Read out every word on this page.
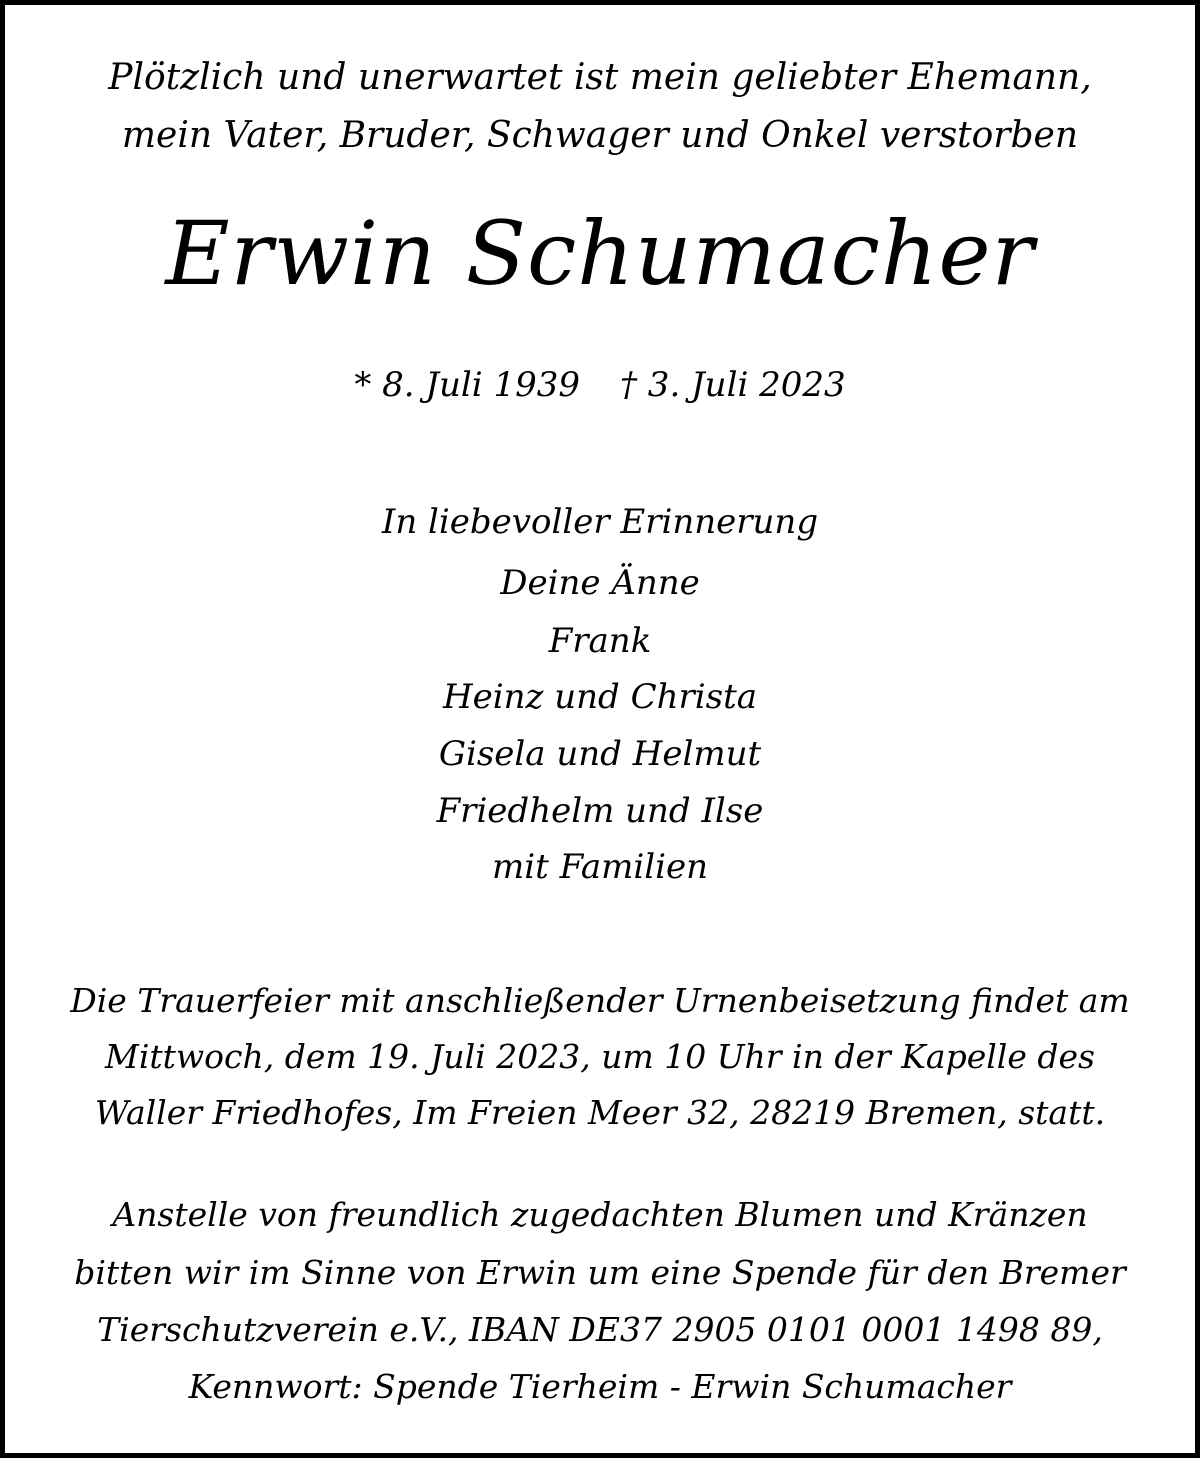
Plötzlich und unerwartet ist mein geliebter Ehemann,
mein Vater, Bruder, Schwager und Onkel verstorben
Erwin Schumacher
* 8. Juli 1939 † 3. Juli 2023
In liebevoller Erinnerung
Deine Änne
Frank
Heinz und Christa
Gisela und Helmut
Friedhelm und Ilse
mit Familien
Die Trauerfeier mit anschließender Urnenbeisetzung findet am
Mittwoch, dem 19. Juli 2023, um 10 Uhr in der Kapelle des
Waller Friedhofes, Im Freien Meer 32, 28219 Bremen, statt.
Anstelle von freundlich zugedachten Blumen und Kränzen
bitten wir im Sinne von Erwin um eine Spende für den Bremer
Tierschutzverein e.V., IBAN DE37 2905 0101 0001 1498 89,
Kennwort: Spende Tierheim - Erwin Schumacher
